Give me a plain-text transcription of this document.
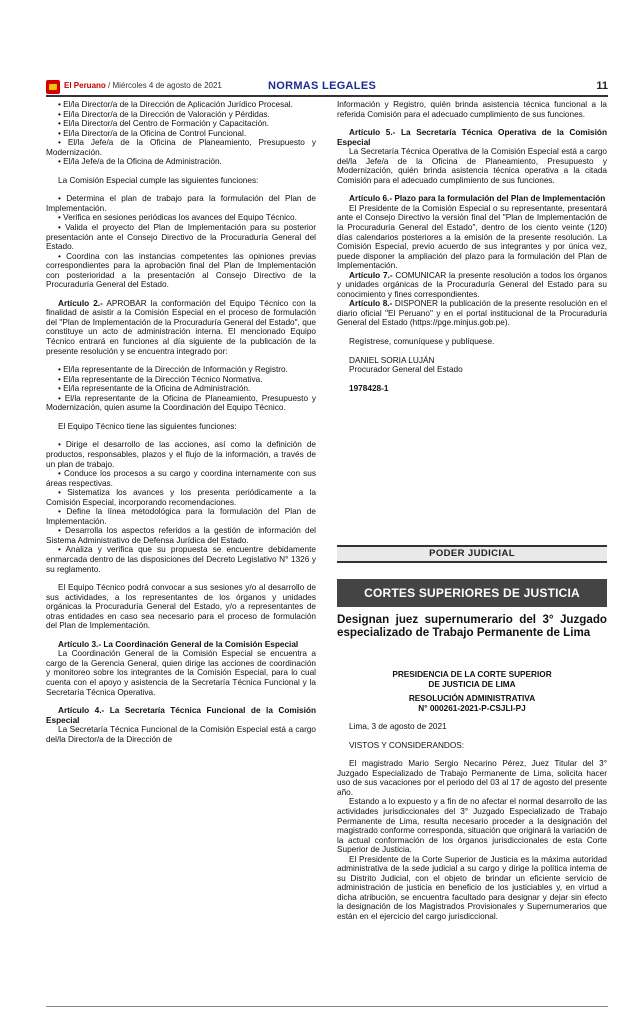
El Peruano / Miércoles 4 de agosto de 2021	NORMAS LEGALES	11

• El/la Director/a de la Dirección de Aplicación Jurídico Procesal.

• El/la Director/a de la Dirección de Valoración y Pérdidas.

• El/la Director/a del Centro de Formación y Capacitación.

• El/la Director/a de la Oficina de Control Funcional.

• El/la Jefe/a de la Oficina de Planeamiento, Presupuesto y Modernización.

• El/la Jefe/a de la Oficina de Administración.

La Comisión Especial cumple las siguientes funciones:

• Determina el plan de trabajo para la formulación del Plan de Implementación.

• Verifica en sesiones periódicas los avances del Equipo Técnico.

• Valida el proyecto del Plan de Implementación para su posterior presentación ante el Consejo Directivo de la Procuraduría General del Estado.

• Coordina con las instancias competentes las opiniones previas correspondientes para la aprobación final del Plan de Implementación con posterioridad a la presentación al Consejo Directivo de la Procuraduría General del Estado.

Artículo 2.- APROBAR la conformación del Equipo Técnico con la finalidad de asistir a la Comisión Especial en el proceso de formulación del "Plan de Implementación de la Procuraduría General del Estado", que constituye un acto de administración interna. El mencionado Equipo Técnico entrará en funciones al día siguiente de la publicación de la presente resolución y se encuentra integrado por:

• El/la representante de la Dirección de Información y Registro.

• El/la representante de la Dirección Técnico Normativa.

• El/la representante de la Oficina de Administración.

• El/la representante de la Oficina de Planeamiento, Presupuesto y Modernización, quien asume la Coordinación del Equipo Técnico.

El Equipo Técnico tiene las siguientes funciones:

• Dirige el desarrollo de las acciones, así como la definición de productos, responsables, plazos y el flujo de la información, a través de un plan de trabajo.

• Conduce los procesos a su cargo y coordina internamente con sus áreas respectivas.

• Sistematiza los avances y los presenta periódicamente a la Comisión Especial, incorporando recomendaciones.

• Define la línea metodológica para la formulación del Plan de Implementación.

• Desarrolla los aspectos referidos a la gestión de información del Sistema Administrativo de Defensa Jurídica del Estado.

• Analiza y verifica que su propuesta se encuentre debidamente enmarcada dentro de las disposiciones del Decreto Legislativo N° 1326 y su reglamento.

El Equipo Técnico podrá convocar a sus sesiones y/o al desarrollo de sus actividades, a los representantes de los órganos y unidades orgánicas la Procuraduría General del Estado, y/o a representantes de otras entidades en caso sea necesario para el proceso de formulación del Plan de Implementación.

Artículo 3.- La Coordinación General de la Comisión Especial

La Coordinación General de la Comisión Especial se encuentra a cargo de la Gerencia General, quien dirige las acciones de coordinación y monitoreo sobre los integrantes de la Comisión Especial, para lo cual cuenta con el apoyo y asistencia de la Secretaría Técnica Funcional y la Secretaría Técnica Operativa.

Artículo 4.- La Secretaría Técnica Funcional de la Comisión Especial

La Secretaría Técnica Funcional de la Comisión Especial está a cargo del/la Director/a de la Dirección de

Información y Registro, quién brinda asistencia técnica funcional a la referida Comisión para el adecuado cumplimiento de sus funciones.

Artículo 5.- La Secretaría Técnica Operativa de la Comisión Especial

La Secretaría Técnica Operativa de la Comisión Especial está a cargo del/la Jefe/a de la Oficina de Planeamiento, Presupuesto y Modernización, quién brinda asistencia técnica operativa a la citada Comisión para el adecuado cumplimiento de sus funciones.

Artículo 6.- Plazo para la formulación del Plan de Implementación

El Presidente de la Comisión Especial o su representante, presentará ante el Consejo Directivo la versión final del "Plan de Implementación de la Procuraduría General del Estado", dentro de los ciento veinte (120) días calendarios posteriores a la emisión de la presente resolución. La Comisión Especial, previo acuerdo de sus integrantes y por única vez, puede disponer la ampliación del plazo para la formulación del Plan de Implementación.

Artículo 7.- COMUNICAR la presente resolución a todos los órganos y unidades orgánicas de la Procuraduría General del Estado para su conocimiento y fines correspondientes.

Artículo 8.- DISPONER la publicación de la presente resolución en el diario oficial "El Peruano" y en el portal institucional de la Procuraduría General del Estado (https://pge.minjus.gob.pe).

Regístrese, comuníquese y publíquese.

DANIEL SORIA LUJÁN

Procurador General del Estado

1978428-1

PODER JUDICIAL
CORTES SUPERIORES DE JUSTICIA
Designan juez supernumerario del 3° Juzgado especializado de Trabajo Permanente de Lima

PRESIDENCIA DE LA CORTE SUPERIOR

DE JUSTICIA DE LIMA

RESOLUCIÓN ADMINISTRATIVA

N° 000261-2021-P-CSJLI-PJ

Lima, 3 de agosto de 2021

VISTOS Y CONSIDERANDOS:

El magistrado Mario Sergio Necarino Pérez, Juez Titular del 3° Juzgado Especializado de Trabajo Permanente de Lima, solicita hacer uso de sus vacaciones por el periodo del 03 al 17 de agosto del presente año.

Estando a lo expuesto y a fin de no afectar el normal desarrollo de las actividades jurisdiccionales del 3° Juzgado Especializado de Trabajo Permanente de Lima, resulta necesario proceder a la designación del magistrado conforme corresponda, situación que originará la variación de la actual conformación de los órganos jurisdiccionales de esta Corte Superior de Justicia.

El Presidente de la Corte Superior de Justicia es la máxima autoridad administrativa de la sede judicial a su cargo y dirige la política interna de su Distrito Judicial, con el objeto de brindar un eficiente servicio de administración de justicia en beneficio de los justiciables y, en virtud a dicha atribución, se encuentra facultado para designar y dejar sin efecto la designación de los Magistrados Provisionales y Supernumerarios que están en el ejercicio del cargo jurisdiccional.
